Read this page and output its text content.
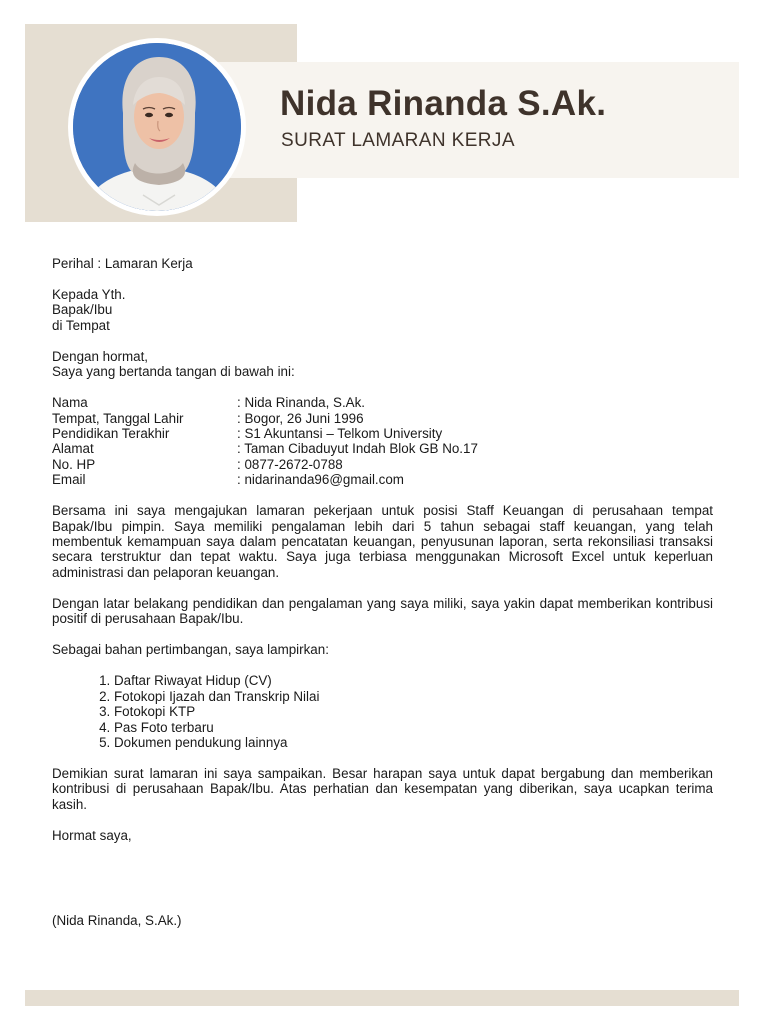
Nida Rinanda S.Ak.
SURAT LAMARAN KERJA
Perihal : Lamaran Kerja
Kepada Yth.
Bapak/Ibu
di Tempat
Dengan hormat,
Saya yang bertanda tangan di bawah ini:
Nama	: Nida Rinanda, S.Ak.
Tempat, Tanggal Lahir	: Bogor, 26 Juni 1996
Pendidikan Terakhir	: S1 Akuntansi – Telkom University
Alamat	: Taman Cibaduyut Indah Blok GB No.17
No. HP	: 0877-2672-0788
Email	: nidarinanda96@gmail.com
Bersama ini saya mengajukan lamaran pekerjaan untuk posisi Staff Keuangan di perusahaan tempat Bapak/Ibu pimpin. Saya memiliki pengalaman lebih dari 5 tahun sebagai staff keuangan, yang telah membentuk kemampuan saya dalam pencatatan keuangan, penyusunan laporan, serta rekonsiliasi transaksi secara terstruktur dan tepat waktu. Saya juga terbiasa menggunakan Microsoft Excel untuk keperluan administrasi dan pelaporan keuangan.
Dengan latar belakang pendidikan dan pengalaman yang saya miliki, saya yakin dapat memberikan kontribusi positif di perusahaan Bapak/Ibu.
Sebagai bahan pertimbangan, saya lampirkan:
1. Daftar Riwayat Hidup (CV)
2. Fotokopi Ijazah dan Transkrip Nilai
3. Fotokopi KTP
4. Pas Foto terbaru
5. Dokumen pendukung lainnya
Demikian surat lamaran ini saya sampaikan. Besar harapan saya untuk dapat bergabung dan memberikan kontribusi di perusahaan Bapak/Ibu. Atas perhatian dan kesempatan yang diberikan, saya ucapkan terima kasih.
Hormat saya,
(Nida Rinanda, S.Ak.)
